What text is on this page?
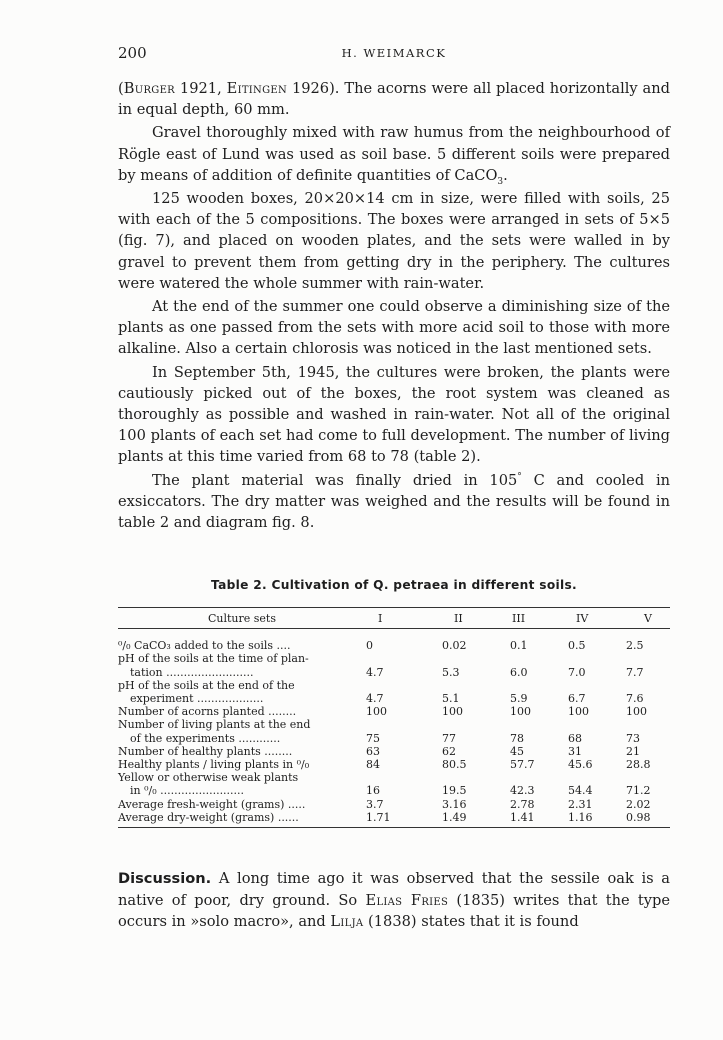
200	H. WEIMARCK

(Burger 1921, Eitingen 1926). The acorns were all placed horizontally and in equal depth, 60 mm.

Gravel thoroughly mixed with raw humus from the neighbourhood of Rögle east of Lund was used as soil base. 5 different soils were prepared by means of addition of definite quantities of CaCO$_3$.

125 wooden boxes, 20×20×14 cm in size, were filled with soils, 25 with each of the 5 compositions. The boxes were arranged in sets of 5×5 (fig. 7), and placed on wooden plates, and the sets were walled in by gravel to prevent them from getting dry in the periphery. The cultures were watered the whole summer with rain-water.

At the end of the summer one could observe a diminishing size of the plants as one passed from the sets with more acid soil to those with more alkaline. Also a certain chlorosis was noticed in the last mentioned sets.

In September 5th, 1945, the cultures were broken, the plants were cautiously picked out of the boxes, the root system was cleaned as thoroughly as possible and washed in rain-water. Not all of the original 100 plants of each set had come to full development. The number of living plants at this time varied from 68 to 78 (table 2).

The plant material was finally dried in 105° C and cooled in exsiccators. The dry matter was weighed and the results will be found in table 2 and diagram fig. 8.

Table 2. Cultivation of Q. petraea in different soils.
Culture sets	I	II	III	IV	V

⁰/₀ CaCO₃ added to the soils ....	0	0.02	0.1	0.5	2.5

pH of the soils at the time of plan-
tation .........................	4.7	5.3	6.0	7.0	7.7

pH of the soils at the end of the
experiment ...................	4.7	5.1	5.9	6.7	7.6

Number of acorns planted ........	100	100	100	100	100

Number of living plants at the end
of the experiments ............	75	77	78	68	73

Number of healthy plants ........	63	62	45	31	21

Healthy plants / living plants in ⁰/₀	84	80.5	57.7	45.6	28.8

Yellow or otherwise weak plants
in ⁰/₀ ........................	16	19.5	42.3	54.4	71.2

Average fresh-weight (grams) .....	3.7	3.16	2.78	2.31	2.02

Average dry-weight (grams) ......	1.71	1.49	1.41	1.16	0.98

Discussion. A long time ago it was observed that the sessile oak is a native of poor, dry ground. So Elias Fries (1835) writes that the type occurs in »solo macro», and Lilja (1838) states that it is found
